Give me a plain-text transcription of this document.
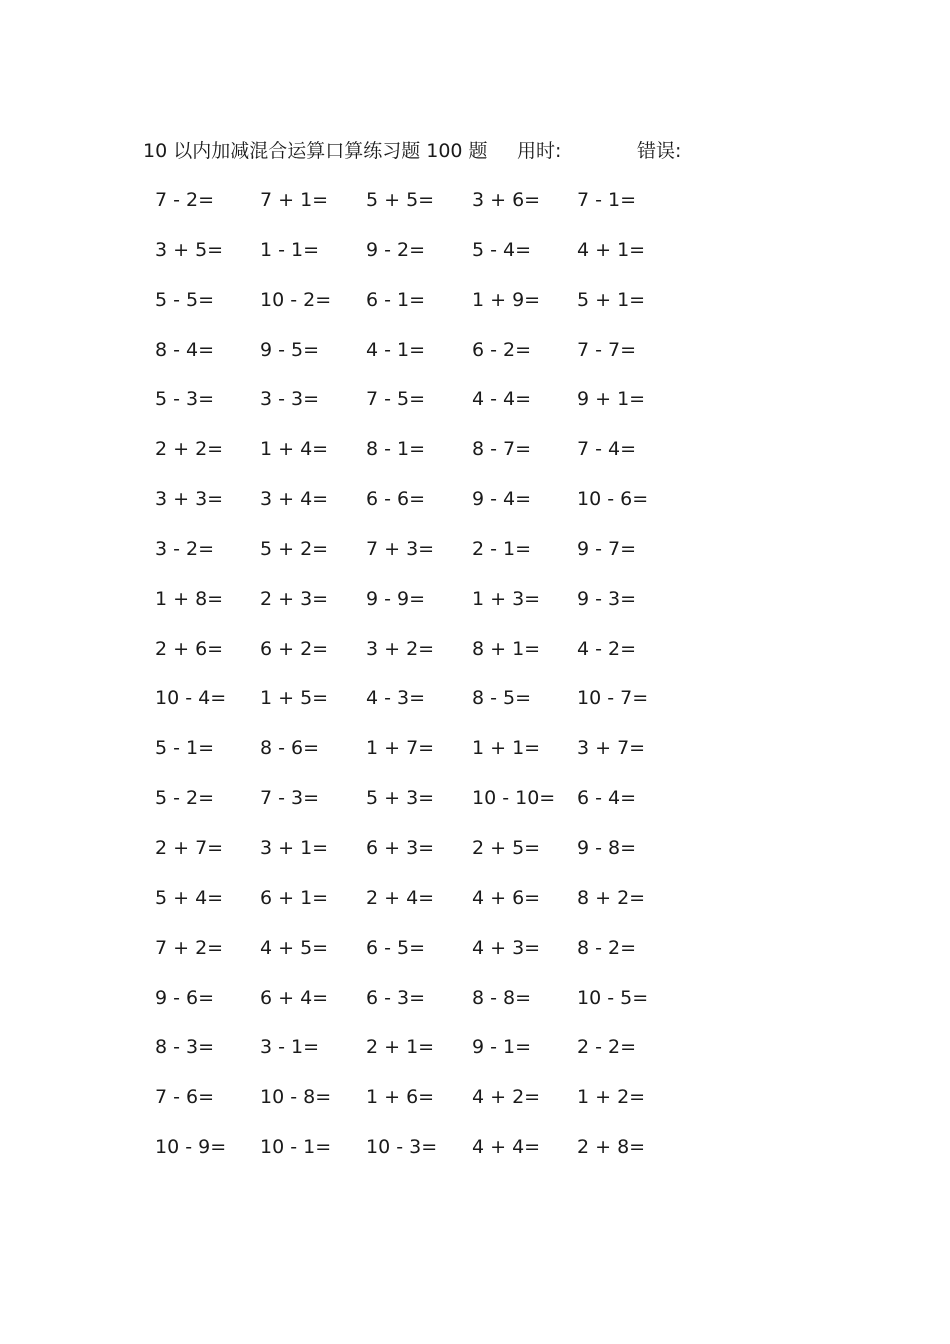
10 以内加减混合运算口算练习题 100 题 用时:	错误:
7 - 2= 7 + 1= 5 + 5= 3 + 6= 7 - 1=
3 + 5= 1 - 1= 9 - 2= 5 - 4= 4 + 1=
5 - 5= 10 - 2= 6 - 1= 1 + 9= 5 + 1=
8 - 4= 9 - 5= 4 - 1= 6 - 2= 7 - 7=
5 - 3= 3 - 3= 7 - 5= 4 - 4= 9 + 1=
2 + 2= 1 + 4= 8 - 1= 8 - 7= 7 - 4=
3 + 3= 3 + 4= 6 - 6= 9 - 4= 10 - 6=
3 - 2= 5 + 2= 7 + 3= 2 - 1= 9 - 7=
1 + 8= 2 + 3= 9 - 9= 1 + 3= 9 - 3=
2 + 6= 6 + 2= 3 + 2= 8 + 1= 4 - 2=
10 - 4= 1 + 5= 4 - 3= 8 - 5= 10 - 7=
5 - 1= 8 - 6= 1 + 7= 1 + 1= 3 + 7=
5 - 2= 7 - 3= 5 + 3= 10 - 10= 6 - 4=
2 + 7= 3 + 1= 6 + 3= 2 + 5= 9 - 8=
5 + 4= 6 + 1= 2 + 4= 4 + 6= 8 + 2=
7 + 2= 4 + 5= 6 - 5= 4 + 3= 8 - 2=
9 - 6= 6 + 4= 6 - 3= 8 - 8= 10 - 5=
8 - 3= 3 - 1= 2 + 1= 9 - 1= 2 - 2=
7 - 6= 10 - 8= 1 + 6= 4 + 2= 1 + 2=
10 - 9= 10 - 1= 10 - 3= 4 + 4= 2 + 8=
